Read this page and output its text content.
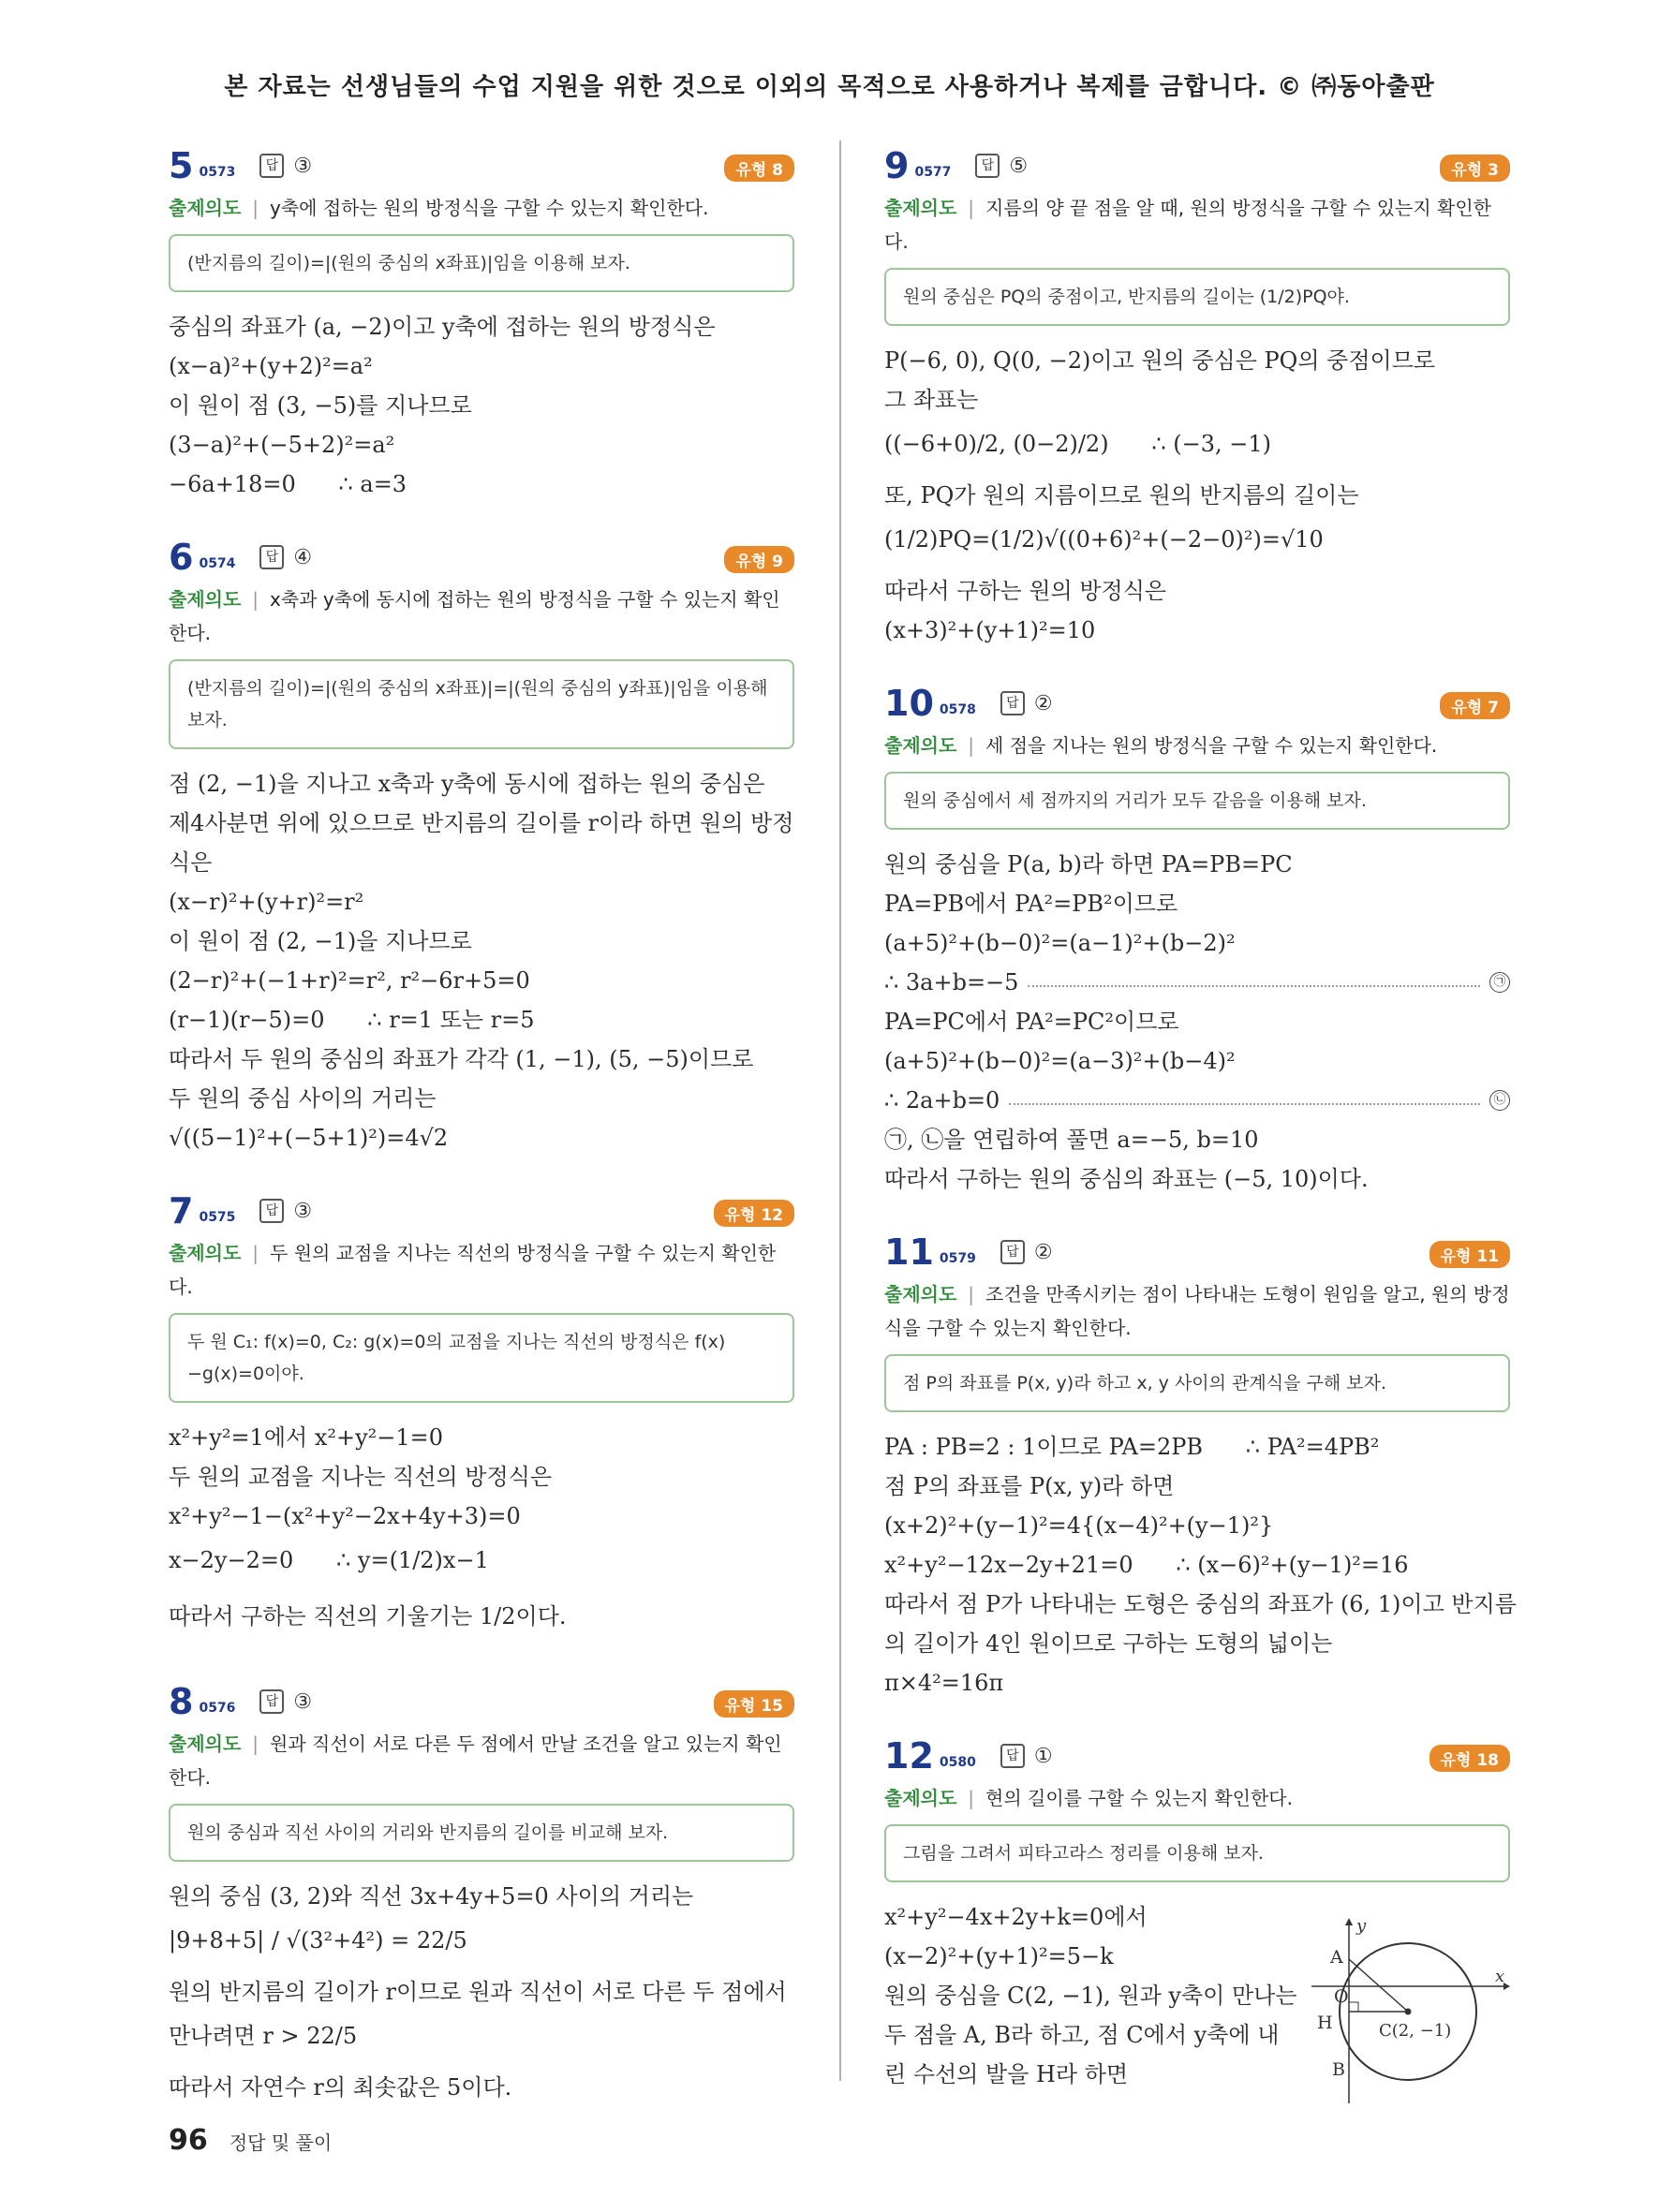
본 자료는 선생님들의 수업 지원을 위한 것으로 이외의 목적으로 사용하거나 복제를 금합니다. © ㈜동아출판
5 0573	답 ③	유형 8
출제의도 | y축에 접하는 원의 방정식을 구할 수 있는지 확인한다.
(반지름의 길이)=|(원의 중심의 x좌표)|임을 이용해 보자.
중심의 좌표가 (a, −2)이고 y축에 접하는 원의 방정식은
(x−a)²+(y+2)²=a²
이 원이 점 (3, −5)를 지나므로
(3−a)²+(−5+2)²=a²
−6a+18=0      ∴ a=3
6 0574	답 ④	유형 9
출제의도 | x축과 y축에 동시에 접하는 원의 방정식을 구할 수 있는지 확인한다.
(반지름의 길이)=|(원의 중심의 x좌표)|=|(원의 중심의 y좌표)|임을 이용해 보자.
점 (2, −1)을 지나고 x축과 y축에 동시에 접하는 원의 중심은
제4사분면 위에 있으므로 반지름의 길이를 r이라 하면 원의 방정
식은
(x−r)²+(y+r)²=r²
이 원이 점 (2, −1)을 지나므로
(2−r)²+(−1+r)²=r², r²−6r+5=0
(r−1)(r−5)=0      ∴ r=1 또는 r=5
따라서 두 원의 중심의 좌표가 각각 (1, −1), (5, −5)이므로
두 원의 중심 사이의 거리는
√((5−1)²+(−5+1)²)=4√2
7 0575	답 ③	유형 12
출제의도 | 두 원의 교점을 지나는 직선의 방정식을 구할 수 있는지 확인한다.
두 원 C₁: f(x)=0, C₂: g(x)=0의 교점을 지나는 직선의 방정식은 f(x)−g(x)=0이야.
x²+y²=1에서 x²+y²−1=0
두 원의 교점을 지나는 직선의 방정식은
x²+y²−1−(x²+y²−2x+4y+3)=0
x−2y−2=0      ∴ y=(1/2)x−1
따라서 구하는 직선의 기울기는 1/2이다.
8 0576	답 ③	유형 15
출제의도 | 원과 직선이 서로 다른 두 점에서 만날 조건을 알고 있는지 확인한다.
원의 중심과 직선 사이의 거리와 반지름의 길이를 비교해 보자.
원의 중심 (3, 2)와 직선 3x+4y+5=0 사이의 거리는
|9+8+5| / √(3²+4²) = 22/5
원의 반지름의 길이가 r이므로 원과 직선이 서로 다른 두 점에서
만나려면 r > 22/5
따라서 자연수 r의 최솟값은 5이다.
9 0577	답 ⑤	유형 3
출제의도 | 지름의 양 끝 점을 알 때, 원의 방정식을 구할 수 있는지 확인한다.
원의 중심은 PQ의 중점이고, 반지름의 길이는 (1/2)PQ야.
P(−6, 0), Q(0, −2)이고 원의 중심은 PQ의 중점이므로
그 좌표는
((−6+0)/2, (0−2)/2)      ∴ (−3, −1)
또, PQ가 원의 지름이므로 원의 반지름의 길이는
(1/2)PQ=(1/2)√((0+6)²+(−2−0)²)=√10
따라서 구하는 원의 방정식은
(x+3)²+(y+1)²=10
10 0578	답 ②	유형 7
출제의도 | 세 점을 지나는 원의 방정식을 구할 수 있는지 확인한다.
원의 중심에서 세 점까지의 거리가 모두 같음을 이용해 보자.
원의 중심을 P(a, b)라 하면 PA=PB=PC
PA=PB에서 PA²=PB²이므로
(a+5)²+(b−0)²=(a−1)²+(b−2)²
∴ 3a+b=−5	㉠
PA=PC에서 PA²=PC²이므로
(a+5)²+(b−0)²=(a−3)²+(b−4)²
∴ 2a+b=0	㉡
㉠, ㉡을 연립하여 풀면 a=−5, b=10
따라서 구하는 원의 중심의 좌표는 (−5, 10)이다.
11 0579	답 ②	유형 11
출제의도 | 조건을 만족시키는 점이 나타내는 도형이 원임을 알고, 원의 방정식을 구할 수 있는지 확인한다.
점 P의 좌표를 P(x, y)라 하고 x, y 사이의 관계식을 구해 보자.
PA : PB=2 : 1이므로 PA=2PB      ∴ PA²=4PB²
점 P의 좌표를 P(x, y)라 하면
(x+2)²+(y−1)²=4{(x−4)²+(y−1)²}
x²+y²−12x−2y+21=0      ∴ (x−6)²+(y−1)²=16
따라서 점 P가 나타내는 도형은 중심의 좌표가 (6, 1)이고 반지름
의 길이가 4인 원이므로 구하는 도형의 넓이는
π×4²=16π
12 0580	답 ①	유형 18
출제의도 | 현의 길이를 구할 수 있는지 확인한다.
그림을 그려서 피타고라스 정리를 이용해 보자.
x²+y²−4x+2y+k=0에서
(x−2)²+(y+1)²=5−k
원의 중심을 C(2, −1), 원과 y축이 만나는
두 점을 A, B라 하고, 점 C에서 y축에 내
린 수선의 발을 H라 하면
y
x
A
O
H
B
C(2, −1)
96 정답 및 풀이
